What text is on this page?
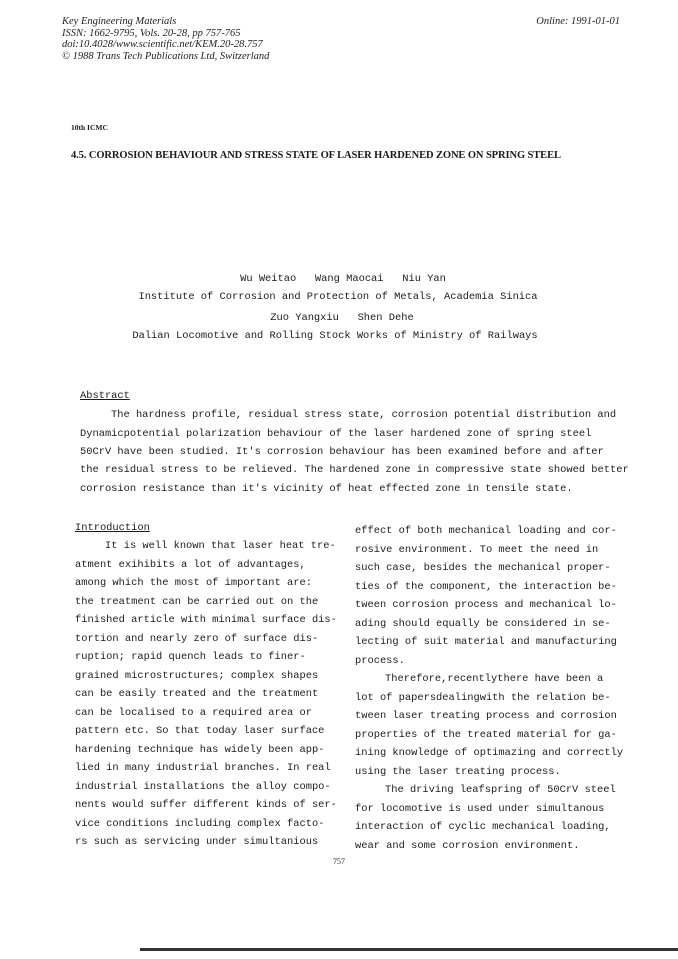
Key Engineering Materials
ISSN: 1662-9795, Vols. 20-28, pp 757-765
doi:10.4028/www.scientific.net/KEM.20-28.757
© 1988 Trans Tech Publications Ltd, Switzerland
Online: 1991-01-01
10th ICMC
4.5. CORROSION BEHAVIOUR AND STRESS STATE OF LASER HARDENED ZONE ON SPRING STEEL
Wu Weitao   Wang Maocai   Niu Yan
Institute of Corrosion and Protection of Metals, Academia Sinica
Zuo Yangxiu   Shen Dehe
Dalian Locomotive and Rolling Stock Works of Ministry of Railways
Abstract
The hardness profile, residual stress state, corrosion potential distribution and
Dynamicpotential polarization behaviour of the laser hardened zone of spring steel
50CrV have been studied. It's corrosion behaviour has been examined before and after
the residual stress to be relieved. The hardened zone in compressive state showed better
corrosion resistance than it's vicinity of heat effected zone in tensile state.
Introduction
It is well known that laser heat tre-
atment exihibits a lot of advantages,
among which the most of important are:
the treatment can be carried out on the
finished article with minimal surface dis-
tortion and nearly zero of surface dis-
ruption; rapid quench leads to finer-
grained microstructures; complex shapes
can be easily treated and the treatment
can be localised to a required area or
pattern etc. So that today laser surface
hardening technique has widely been app-
lied in many industrial branches. In real
industrial installations the alloy compo-
nents would suffer different kinds of ser-
vice conditions including complex facto-
rs such as servicing under simultanious
effect of both mechanical loading and cor-
rosive environment. To meet the need in
such case, besides the mechanical proper-
ties of the component, the interaction be-
tween corrosion process and mechanical lo-
ading should equally be considered in se-
lecting of suit material and manufacturing
process.
Therefore,recentlythere have been a
lot of papersdealingwith the relation be-
tween laser treating process and corrosion
properties of the treated material for ga-
ining knowledge of optimazing and correctly
using the laser treating process.
The driving leafspring of 50CrV steel
for locomotive is used under simultanous
interaction of cyclic mechanical loading,
wear and some corrosion environment.
757
